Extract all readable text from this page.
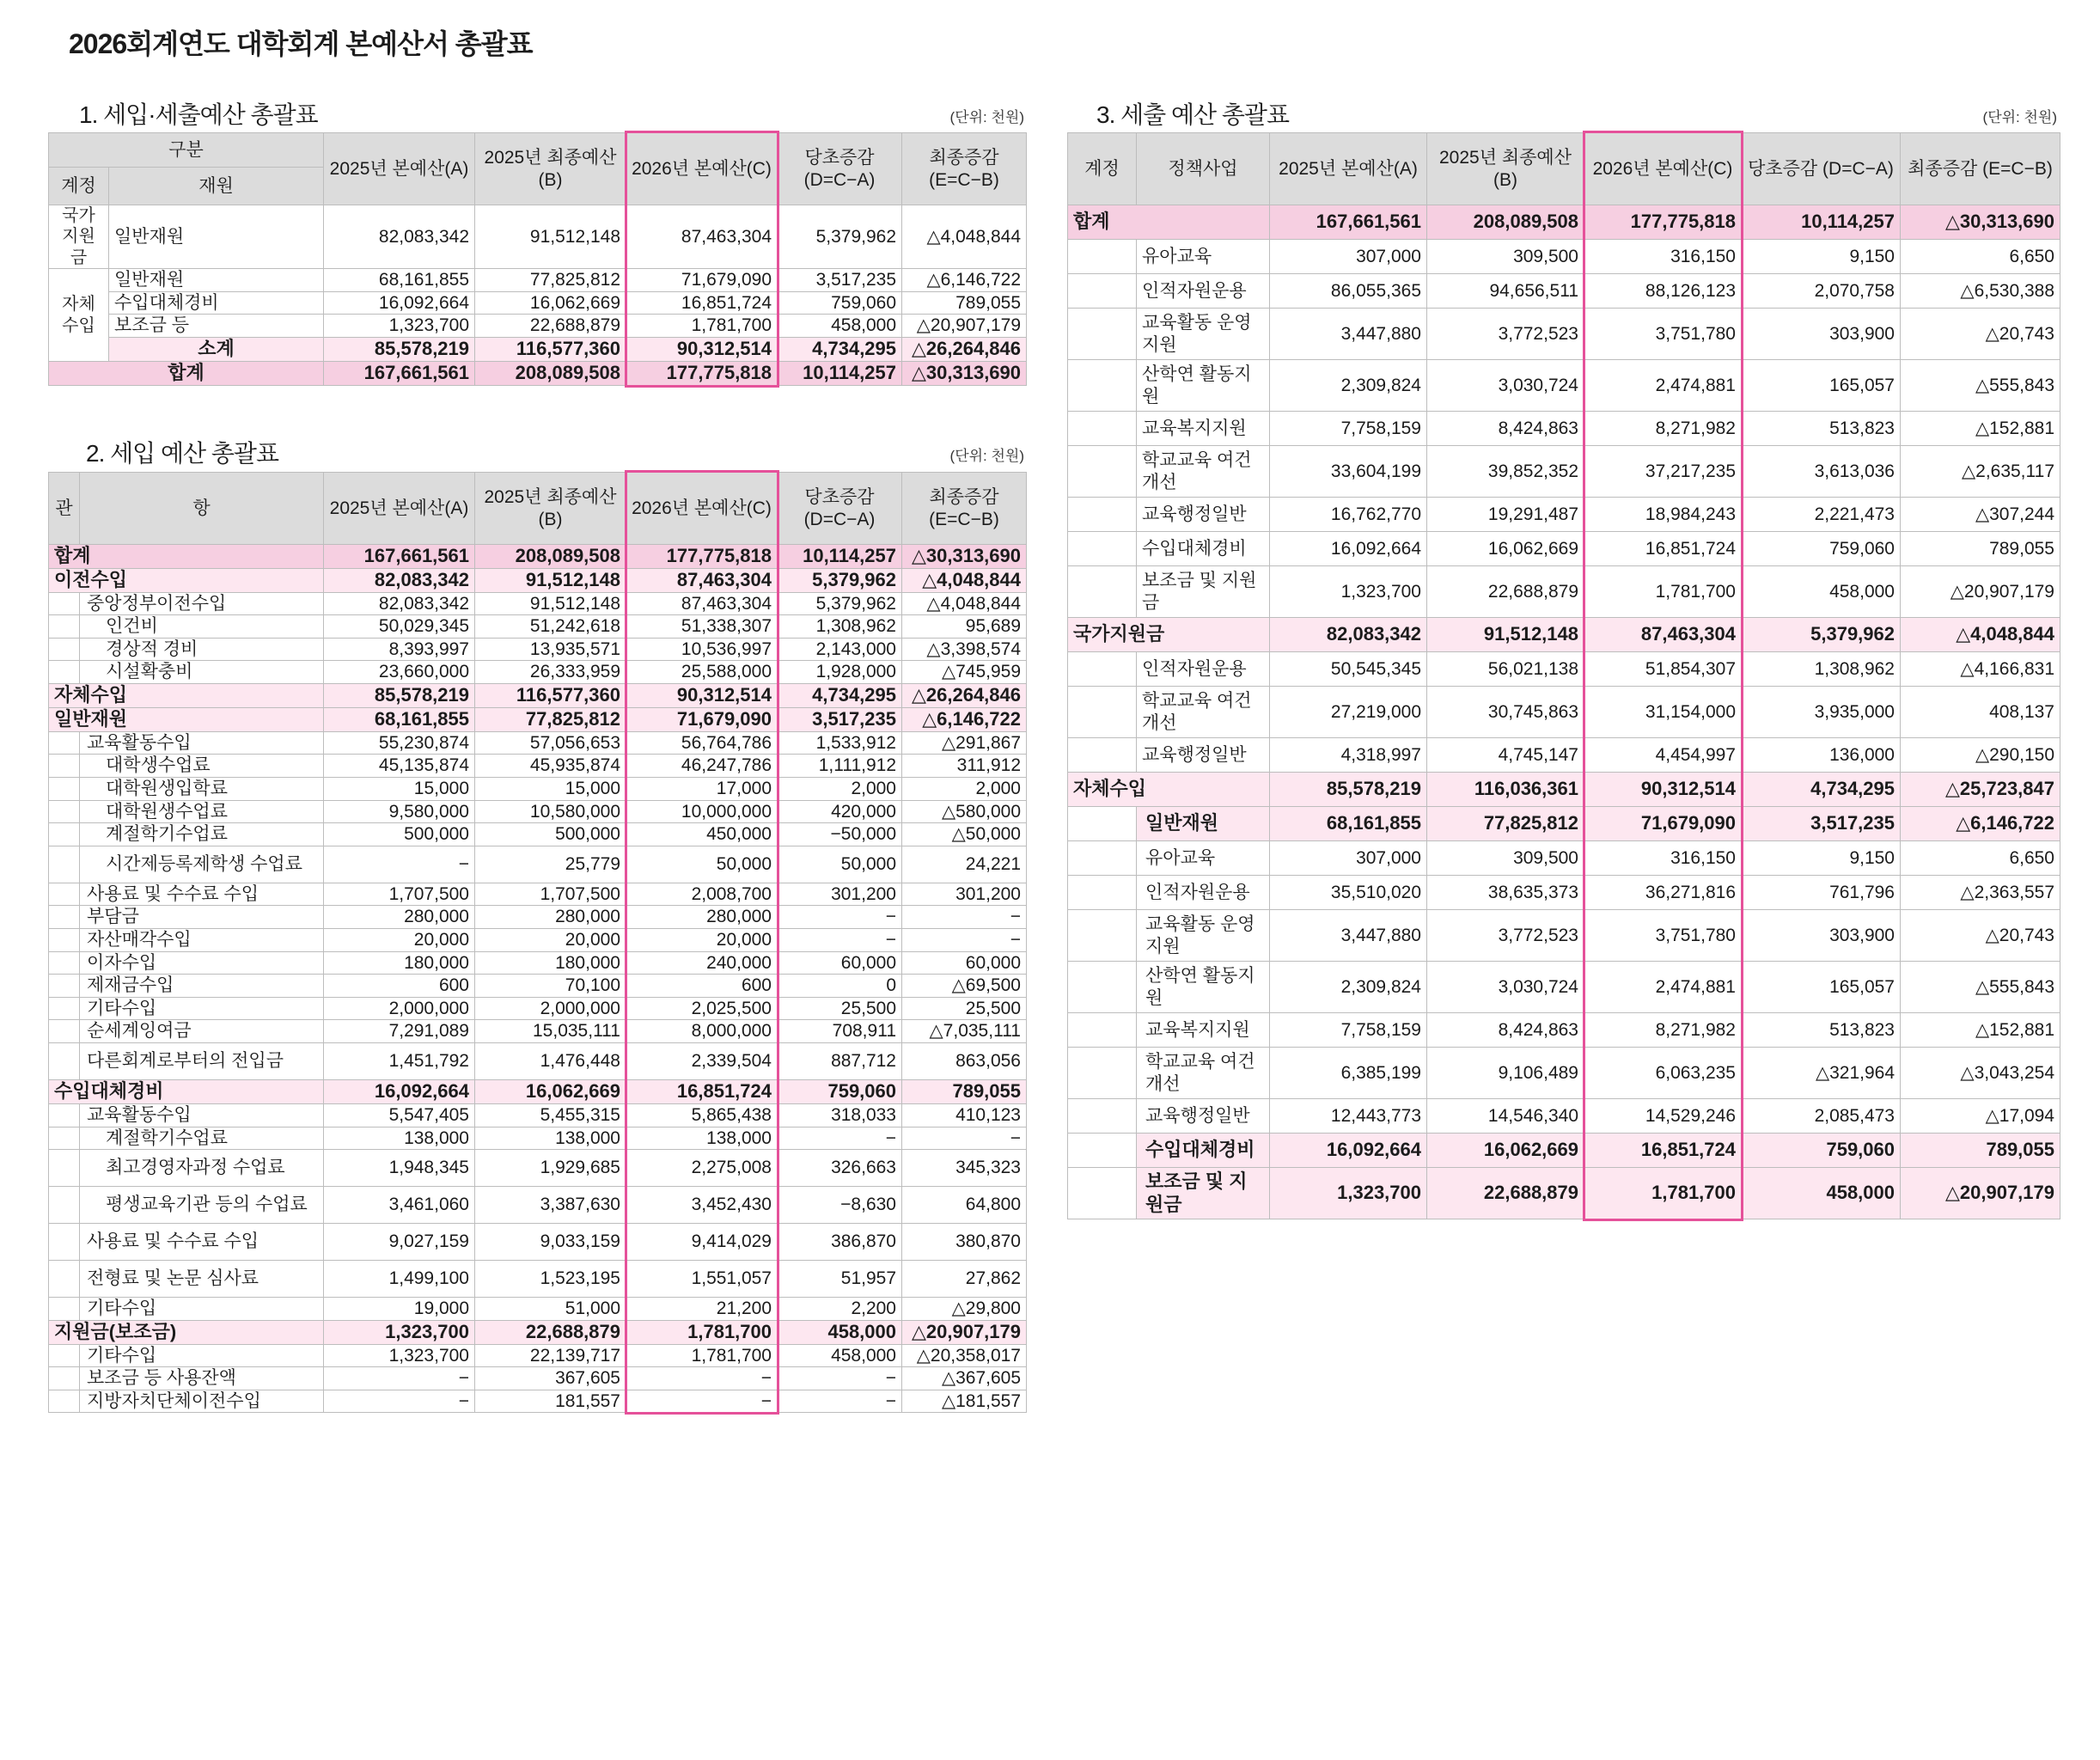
2026회계연도 대학회계 본예산서 총괄표
1. 세입·세출예산 총괄표	(단위: 천원)
구분		2025년 본예산(A)	2025년 최종예산(B)	2026년 본예산(C)	당초증감 (D=C−A)	최종증감 (E=C−B)
계정	재원					
국가 지원금	일반재원	82,083,342	91,512,148	87,463,304	5,379,962	△4,048,844
자체 수입	일반재원	68,161,855	77,825,812	71,679,090	3,517,235	△6,146,722
	수입대체경비	16,092,664	16,062,669	16,851,724	759,060	789,055
	보조금 등	1,323,700	22,688,879	1,781,700	458,000	△20,907,179
	소계	85,578,219	116,577,360	90,312,514	4,734,295	△26,264,846
합계		167,661,561	208,089,508	177,775,818	10,114,257	△30,313,690
2. 세입 예산 총괄표	(단위: 천원)
관	항	2025년 본예산(A)	2025년 최종예산(B)	2026년 본예산(C)	당초증감 (D=C−A)	최종증감 (E=C−B)
합계		167,661,561	208,089,508	177,775,818	10,114,257	△30,313,690
이전수입		82,083,342	91,512,148	87,463,304	5,379,962	△4,048,844
	중앙정부이전수입	82,083,342	91,512,148	87,463,304	5,379,962	△4,048,844
	인건비	50,029,345	51,242,618	51,338,307	1,308,962	95,689
	경상적 경비	8,393,997	13,935,571	10,536,997	2,143,000	△3,398,574
	시설확충비	23,660,000	26,333,959	25,588,000	1,928,000	△745,959
자체수입		85,578,219	116,577,360	90,312,514	4,734,295	△26,264,846
일반재원		68,161,855	77,825,812	71,679,090	3,517,235	△6,146,722
	교육활동수입	55,230,874	57,056,653	56,764,786	1,533,912	△291,867
	대학생수업료	45,135,874	45,935,874	46,247,786	1,111,912	311,912
	대학원생입학료	15,000	15,000	17,000	2,000	2,000
	대학원생수업료	9,580,000	10,580,000	10,000,000	420,000	△580,000
	계절학기수업료	500,000	500,000	450,000	−50,000	△50,000
	시간제등록제학생 수업료	−	25,779	50,000	50,000	24,221
	사용료 및 수수료 수입	1,707,500	1,707,500	2,008,700	301,200	301,200
	부담금	280,000	280,000	280,000	−	−
	자산매각수입	20,000	20,000	20,000	−	−
	이자수입	180,000	180,000	240,000	60,000	60,000
	제재금수입	600	70,100	600	0	△69,500
	기타수입	2,000,000	2,000,000	2,025,500	25,500	25,500
	순세계잉여금	7,291,089	15,035,111	8,000,000	708,911	△7,035,111
	다른회계로부터의 전입금	1,451,792	1,476,448	2,339,504	887,712	863,056
수입대체경비		16,092,664	16,062,669	16,851,724	759,060	789,055
	교육활동수입	5,547,405	5,455,315	5,865,438	318,033	410,123
	계절학기수업료	138,000	138,000	138,000	−	−
	최고경영자과정 수업료	1,948,345	1,929,685	2,275,008	326,663	345,323
	평생교육기관 등의 수업료	3,461,060	3,387,630	3,452,430	−8,630	64,800
	사용료 및 수수료 수입	9,027,159	9,033,159	9,414,029	386,870	380,870
	전형료 및 논문 심사료	1,499,100	1,523,195	1,551,057	51,957	27,862
	기타수입	19,000	51,000	21,200	2,200	△29,800
지원금(보조금)		1,323,700	22,688,879	1,781,700	458,000	△20,907,179
	기타수입	1,323,700	22,139,717	1,781,700	458,000	△20,358,017
	보조금 등 사용잔액	−	367,605	−	−	△367,605
	지방자치단체이전수입	−	181,557	−	−	△181,557
3. 세출 예산 총괄표	(단위: 천원)
계정	정책사업	2025년 본예산(A)	2025년 최종예산(B)	2026년 본예산(C)	당초증감 (D=C−A)	최종증감 (E=C−B)
합계		167,661,561	208,089,508	177,775,818	10,114,257	△30,313,690
	유아교육	307,000	309,500	316,150	9,150	6,650
	인적자원운용	86,055,365	94,656,511	88,126,123	2,070,758	△6,530,388
	교육활동 운영지원	3,447,880	3,772,523	3,751,780	303,900	△20,743
	산학연 활동지원	2,309,824	3,030,724	2,474,881	165,057	△555,843
	교육복지지원	7,758,159	8,424,863	8,271,982	513,823	△152,881
	학교교육 여건개선	33,604,199	39,852,352	37,217,235	3,613,036	△2,635,117
	교육행정일반	16,762,770	19,291,487	18,984,243	2,221,473	△307,244
	수입대체경비	16,092,664	16,062,669	16,851,724	759,060	789,055
	보조금 및 지원금	1,323,700	22,688,879	1,781,700	458,000	△20,907,179
국가지원금		82,083,342	91,512,148	87,463,304	5,379,962	△4,048,844
	인적자원운용	50,545,345	56,021,138	51,854,307	1,308,962	△4,166,831
	학교교육 여건개선	27,219,000	30,745,863	31,154,000	3,935,000	408,137
	교육행정일반	4,318,997	4,745,147	4,454,997	136,000	△290,150
자체수입		85,578,219	116,036,361	90,312,514	4,734,295	△25,723,847
	일반재원	68,161,855	77,825,812	71,679,090	3,517,235	△6,146,722
	유아교육	307,000	309,500	316,150	9,150	6,650
	인적자원운용	35,510,020	38,635,373	36,271,816	761,796	△2,363,557
	교육활동 운영지원	3,447,880	3,772,523	3,751,780	303,900	△20,743
	산학연 활동지원	2,309,824	3,030,724	2,474,881	165,057	△555,843
	교육복지지원	7,758,159	8,424,863	8,271,982	513,823	△152,881
	학교교육 여건개선	6,385,199	9,106,489	6,063,235	△321,964	△3,043,254
	교육행정일반	12,443,773	14,546,340	14,529,246	2,085,473	△17,094
	수입대체경비	16,092,664	16,062,669	16,851,724	759,060	789,055
	보조금 및 지원금	1,323,700	22,688,879	1,781,700	458,000	△20,907,179
